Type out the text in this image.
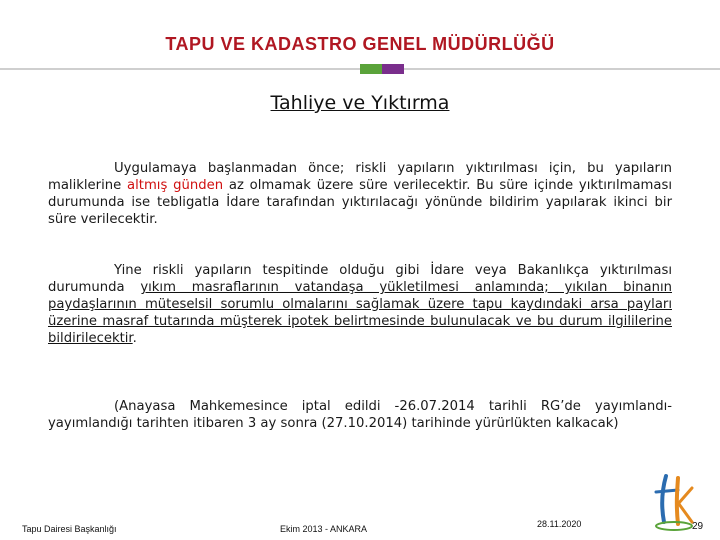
TAPU VE KADASTRO GENEL MÜDÜRLÜĞÜ
Tahliye ve Yıktırma
Uygulamaya başlanmadan önce; riskli yapıların yıktırılması için, bu yapıların maliklerine altmış günden az olmamak üzere süre verilecektir. Bu süre içinde yıktırılmaması durumunda ise tebligatla İdare tarafından yıktırılacağı yönünde bildirim yapılarak ikinci bir süre verilecektir.
Yine riskli yapıların tespitinde olduğu gibi İdare veya Bakanlıkça yıktırılması durumunda yıkım masraflarının vatandaşa yükletilmesi anlamında; yıkılan binanın paydaşlarının müteselsil sorumlu olmalarını sağlamak üzere tapu kaydındaki arsa payları üzerine masraf tutarında müşterek ipotek belirtmesinde bulunulacak ve bu durum ilgililerine bildirilecektir.
(Anayasa Mahkemesince iptal edildi -26.07.2014 tarihli RG’de yayımlandı- yayımlandığı tarihten itibaren 3 ay sonra (27.10.2014) tarihinde yürürlükten kalkacak)
Tapu Dairesi Başkanlığı	Ekim 2013 - ANKARA	28.11.2020	29
